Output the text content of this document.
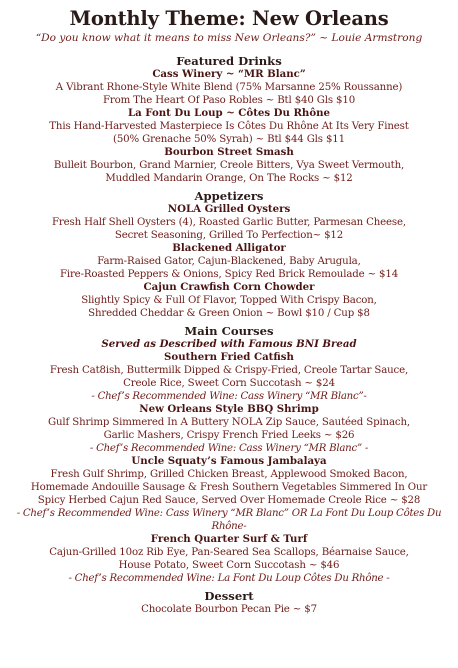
Monthly Theme: New Orleans
“Do you know what it means to miss New Orleans?” ~ Louie Armstrong
Featured Drinks
Cass Winery ~ “MR Blanc”
A Vibrant Rhone-Style White Blend (75% Marsanne 25% Roussanne)
From The Heart Of Paso Robles ~ Btl $40 Gls $10
La Font Du Loup ~ Côtes Du Rhône
This Hand-Harvested Masterpiece Is Côtes Du Rhône At Its Very Finest
(50% Grenache 50% Syrah) ~ Btl $44 Gls $11
Bourbon Street Smash
Bulleit Bourbon, Grand Marnier, Creole Bitters, Vya Sweet Vermouth,
Muddled Mandarin Orange, On The Rocks ~ $12
Appetizers
NOLA Grilled Oysters
Fresh Half Shell Oysters (4), Roasted Garlic Butter, Parmesan Cheese,
Secret Seasoning, Grilled To Perfection~ $12
Blackened Alligator
Farm-Raised Gator, Cajun-Blackened, Baby Arugula,
Fire-Roasted Peppers & Onions, Spicy Red Brick Remoulade ~ $14
Cajun Crawfish Corn Chowder
Slightly Spicy & Full Of Flavor, Topped With Crispy Bacon,
Shredded Cheddar & Green Onion ~ Bowl $10 / Cup $8
Main Courses
Served as Described with Famous BNI Bread
Southern Fried Catfish
Fresh Cat8ish, Buttermilk Dipped & Crispy-Fried, Creole Tartar Sauce,
Creole Rice, Sweet Corn Succotash ~ $24
- Chef’s Recommended Wine: Cass Winery “MR Blanc”-
New Orleans Style BBQ Shrimp
Gulf Shrimp Simmered In A Buttery NOLA Zip Sauce, Sautéed Spinach,
Garlic Mashers, Crispy French Fried Leeks ~ $26
- Chef’s Recommended Wine: Cass Winery “MR Blanc” -
Uncle Squaty’s Famous Jambalaya
Fresh Gulf Shrimp, Grilled Chicken Breast, Applewood Smoked Bacon,
Homemade Andouille Sausage & Fresh Southern Vegetables Simmered In Our
Spicy Herbed Cajun Red Sauce, Served Over Homemade Creole Rice ~ $28
- Chef’s Recommended Wine: Cass Winery “MR Blanc” OR La Font Du Loup Côtes Du
Rhône-
French Quarter Surf & Turf
Cajun-Grilled 10oz Rib Eye, Pan-Seared Sea Scallops, Béarnaise Sauce,
House Potato, Sweet Corn Succotash ~ $46
- Chef’s Recommended Wine: La Font Du Loup Côtes Du Rhône -
Dessert
Chocolate Bourbon Pecan Pie ~ $7
